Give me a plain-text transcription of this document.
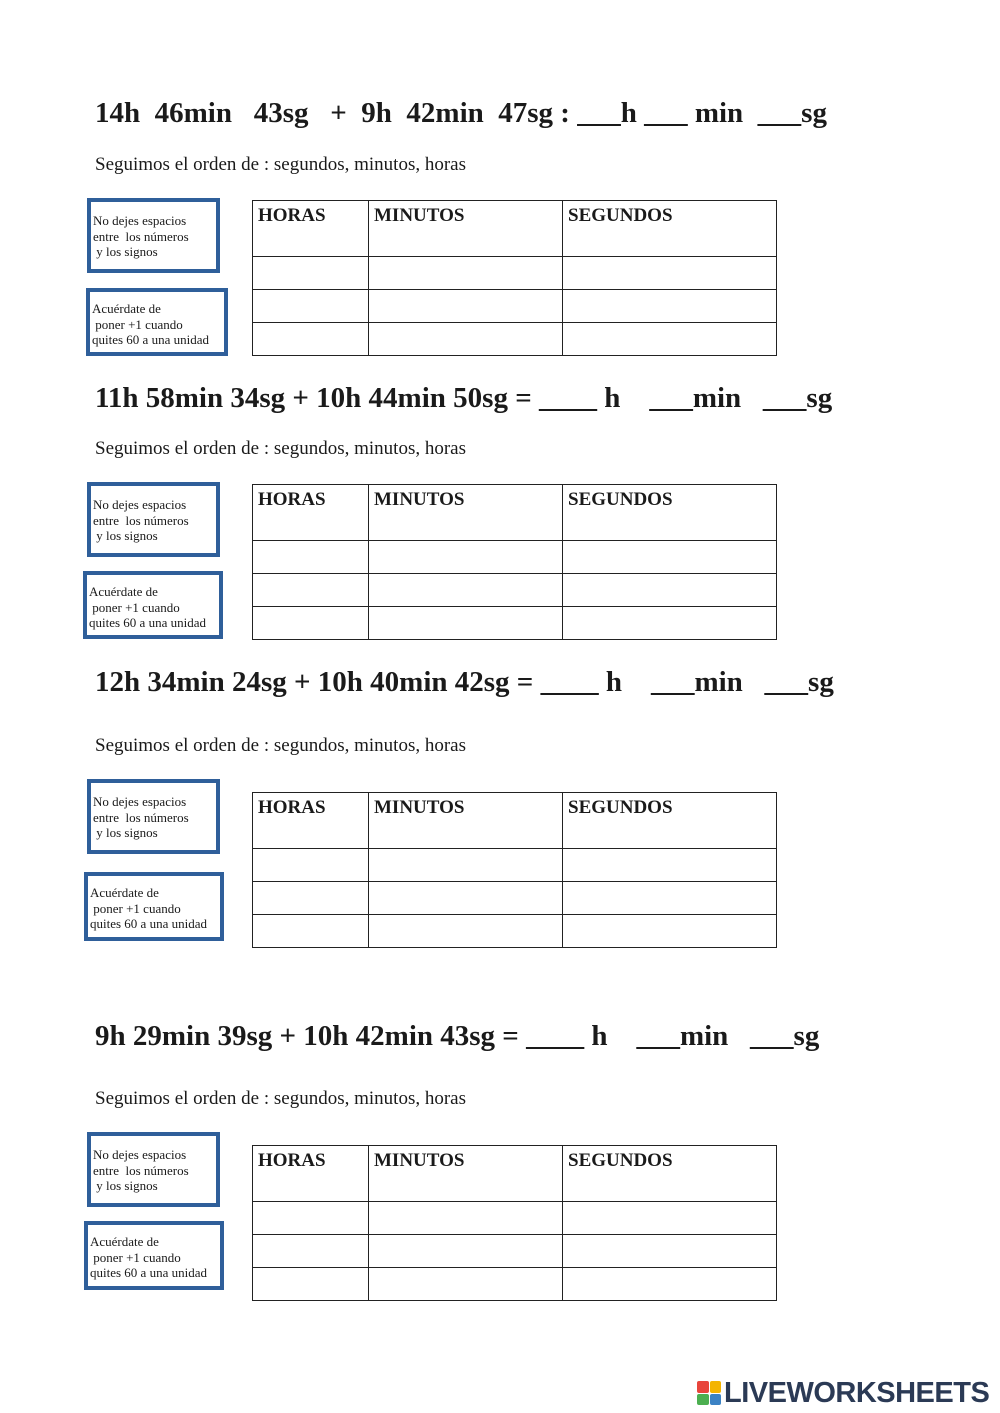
14h  46min   43sg   +  9h  42min  47sg : ___h ___ min  ___sg
Seguimos el orden de : segundos, minutos, horas
No dejes espacios
entre  los números
y los signos
Acuérdate de
poner +1 cuando
quites 60 a una unidad
HORAS	MINUTOS	SEGUNDOS

11h 58min 34sg + 10h 44min 50sg = ____ h    ___min   ___sg
Seguimos el orden de : segundos, minutos, horas
No dejes espacios
entre  los números
y los signos
Acuérdate de
poner +1 cuando
quites 60 a una unidad
HORAS	MINUTOS	SEGUNDOS

12h 34min 24sg + 10h 40min 42sg = ____ h    ___min   ___sg
Seguimos el orden de : segundos, minutos, horas
No dejes espacios
entre  los números
y los signos
Acuérdate de
poner +1 cuando
quites 60 a una unidad
HORAS	MINUTOS	SEGUNDOS

9h 29min 39sg + 10h 42min 43sg = ____ h    ___min   ___sg
Seguimos el orden de : segundos, minutos, horas
No dejes espacios
entre  los números
y los signos
Acuérdate de
poner +1 cuando
quites 60 a una unidad
HORAS	MINUTOS	SEGUNDOS

LIVEWORKSHEETS
